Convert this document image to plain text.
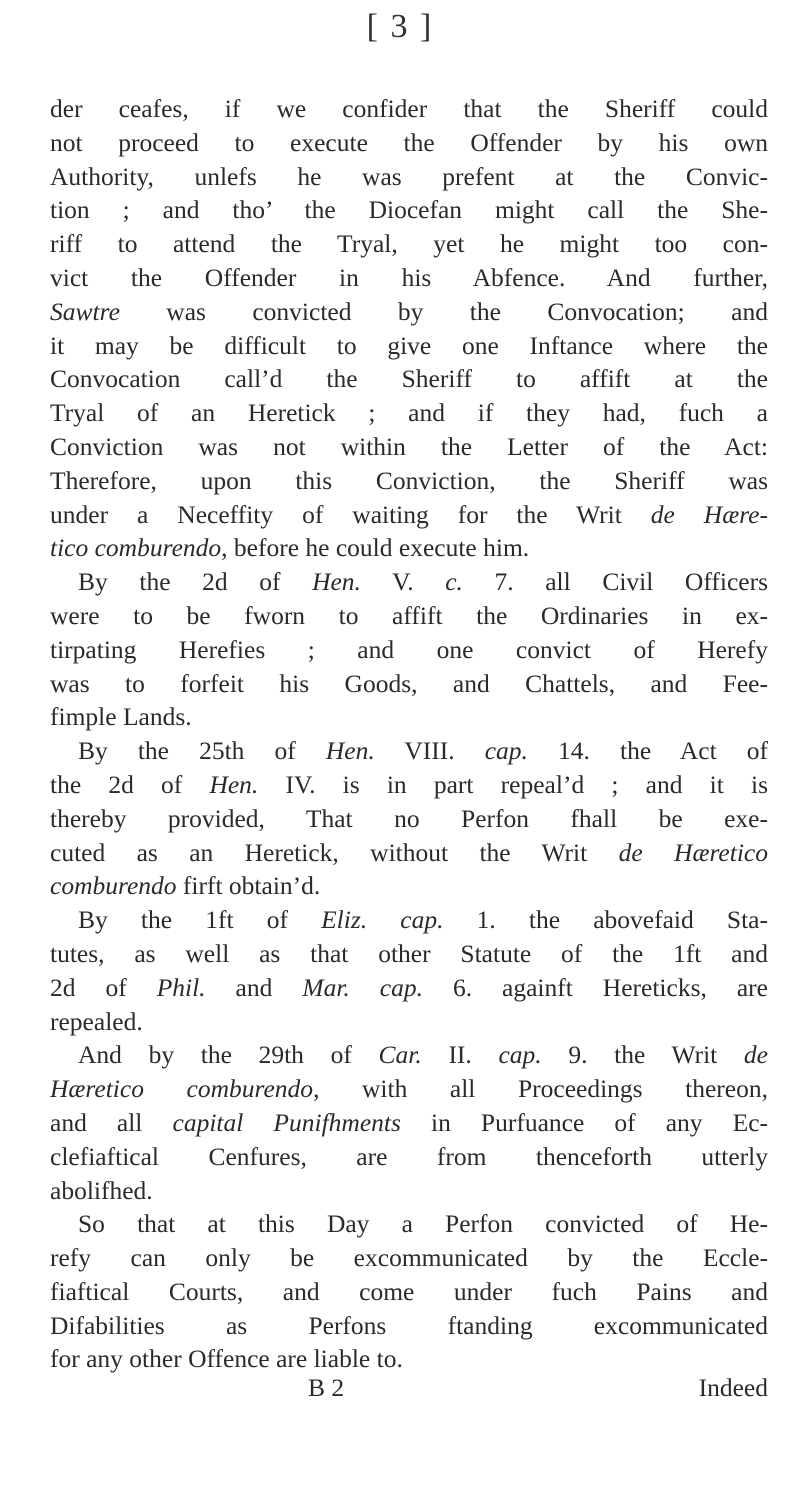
[ 3 ]
der ceafes, if we confider that the Sheriff could
not proceed to execute the Offender by his own
Authority, unlefs he was prefent at the Convic-
tion ; and tho’ the Diocefan might call the She-
riff to attend the Tryal, yet he might too con-
vict the Offender in his Abfence. And further,
Sawtre was convicted by the Convocation; and
it may be difficult to give one Inftance where the
Convocation call’d the Sheriff to affift at the
Tryal of an Heretick ; and if they had, fuch a
Conviction was not within the Letter of the Act:
Therefore, upon this Conviction, the Sheriff was
under a Neceffity of waiting for the Writ de Hære-
tico comburendo, before he could execute him.
By the 2d of Hen. V. c. 7. all Civil Officers
were to be fworn to affift the Ordinaries in ex-
tirpating Herefies ; and one convict of Herefy
was to forfeit his Goods, and Chattels, and Fee-
fimple Lands.
By the 25th of Hen. VIII. cap. 14. the Act of
the 2d of Hen. IV. is in part repeal’d ; and it is
thereby provided, That no Perfon fhall be exe-
cuted as an Heretick, without the Writ de Hæretico
comburendo firft obtain’d.
By the 1ft of Eliz. cap. 1. the abovefaid Sta-
tutes, as well as that other Statute of the 1ft and
2d of Phil. and Mar. cap. 6. againft Hereticks, are
repealed.
And by the 29th of Car. II. cap. 9. the Writ de
Hæretico comburendo, with all Proceedings thereon,
and all capital Punifhments in Purfuance of any Ec-
clefiaftical Cenfures, are from thenceforth utterly
abolifhed.
So that at this Day a Perfon convicted of He-
refy can only be excommunicated by the Eccle-
fiaftical Courts, and come under fuch Pains and
Difabilities as Perfons ftanding excommunicated
for any other Offence are liable to.
B 2	Indeed
